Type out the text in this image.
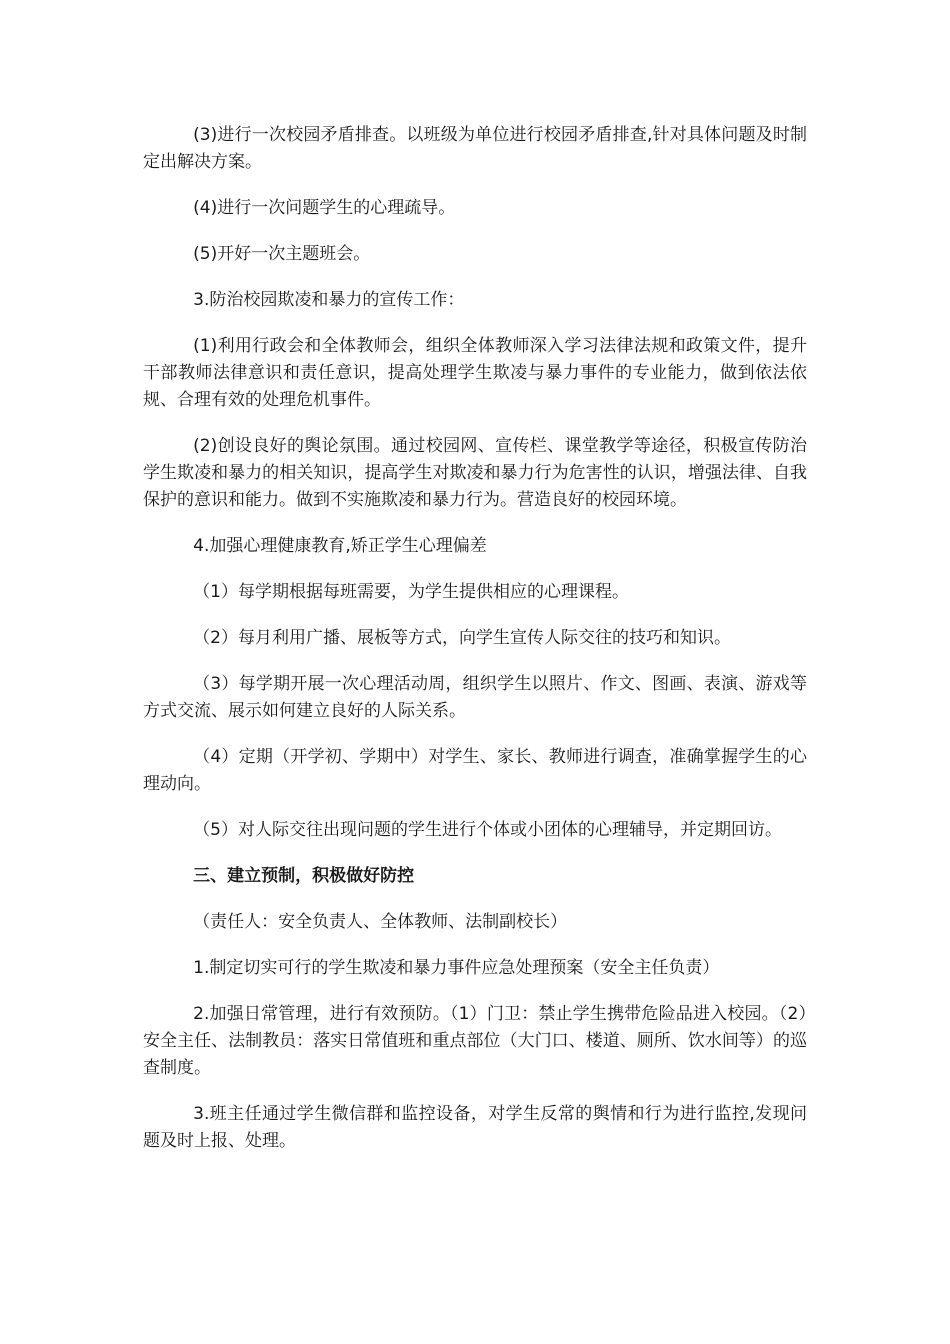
(3)进行一次校园矛盾排查。以班级为单位进行校园矛盾排查,针对具体问题及时制定出解决方案。

(4)进行一次问题学生的心理疏导。

(5)开好一次主题班会。

3.防治校园欺凌和暴力的宣传工作：

(1)利用行政会和全体教师会，组织全体教师深入学习法律法规和政策文件，提升干部教师法律意识和责任意识，提高处理学生欺凌与暴力事件的专业能力，做到依法依规、合理有效的处理危机事件。

(2)创设良好的舆论氛围。通过校园网、宣传栏、课堂教学等途径，积极宣传防治学生欺凌和暴力的相关知识，提高学生对欺凌和暴力行为危害性的认识，增强法律、自我保护的意识和能力。做到不实施欺凌和暴力行为。营造良好的校园环境。

4.加强心理健康教育,矫正学生心理偏差

（1）每学期根据每班需要，为学生提供相应的心理课程。

（2）每月利用广播、展板等方式，向学生宣传人际交往的技巧和知识。

（3）每学期开展一次心理活动周，组织学生以照片、作文、图画、表演、游戏等方式交流、展示如何建立良好的人际关系。

（4）定期（开学初、学期中）对学生、家长、教师进行调查，准确掌握学生的心理动向。

（5）对人际交往出现问题的学生进行个体或小团体的心理辅导，并定期回访。

三、建立预制，积极做好防控

（责任人：安全负责人、全体教师、法制副校长）

1.制定切实可行的学生欺凌和暴力事件应急处理预案（安全主任负责）

2.加强日常管理，进行有效预防。（1）门卫：禁止学生携带危险品进入校园。（2）安全主任、法制教员：落实日常值班和重点部位（大门口、楼道、厕所、饮水间等）的巡查制度。

3.班主任通过学生微信群和监控设备，对学生反常的舆情和行为进行监控,发现问题及时上报、处理。
